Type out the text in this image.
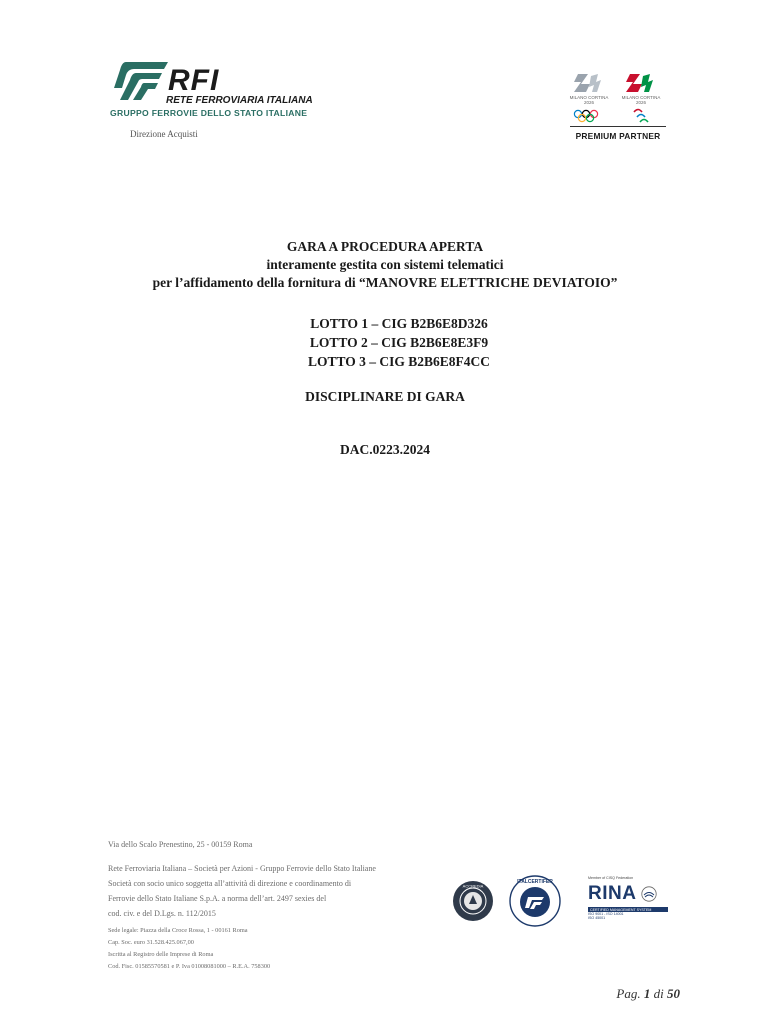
RFI
RETE FERROVIARIA ITALIANA
GRUPPO FERROVIE DELLO STATO ITALIANE
Direzione Acquisti
MILANO CORTINA 2026
MILANO CORTINA 2026
PREMIUM PARTNER
GARA A PROCEDURA APERTA
interamente gestita con sistemi telematici
per l’affidamento della fornitura di “MANOVRE ELETTRICHE DEVIATOIO”
LOTTO 1 – CIG B2B6E8D326
LOTTO 2 – CIG B2B6E8E3F9
LOTTO 3 – CIG B2B6E8F4CC
DISCIPLINARE DI GARA
DAC.0223.2024
Via dello Scalo Prenestino, 25 - 00159 Roma
Rete Ferroviaria Italiana – Società per Azioni - Gruppo Ferrovie dello Stato Italiane
Società con socio unico soggetta all’attività di direzione e coordinamento di
Ferrovie dello Stato Italiane S.p.A. a norma dell’art. 2497 sexies del
cod. civ. e del D.Lgs. n. 112/2015
Sede legale: Piazza della Croce Rossa, 1 - 00161 Roma
Cap. Soc. euro 31.528.425.067,00
Iscritta al Registro delle Imprese di Roma
Cod. Fisc. 01585570581 e P. Iva 01008081000 – R.E.A. 758300
ACCREDIA
ITALCERTIFER
Member of CISQ Federation
RINA
CERTIFIED MANAGEMENT SYSTEM
ISO 9001 - ISO 14001
ISO 45001
Pag. 1 di 50
